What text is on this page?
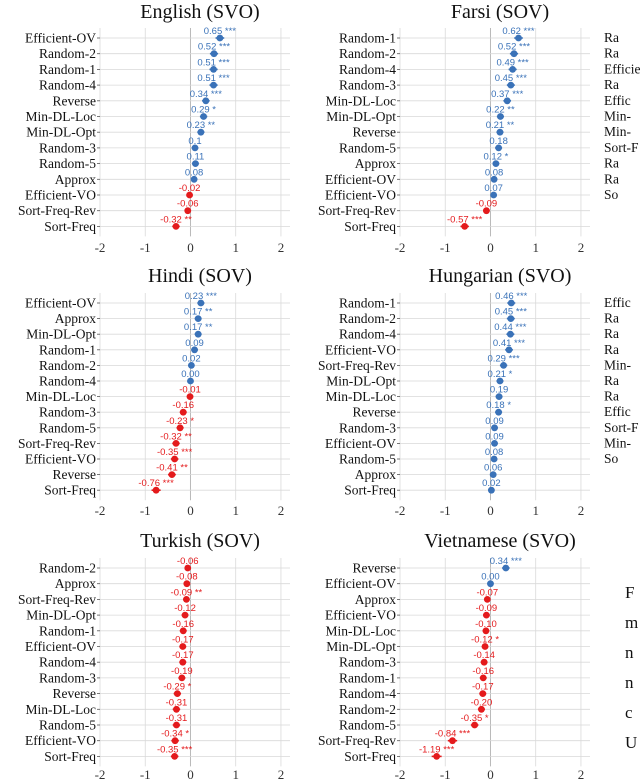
English (SVO)
-2	-1	0	1	2
Efficient-OV	0.65 ***
Random-2	0.52 ***
Random-1	0.51 ***
Random-4	0.51 ***
Reverse	0.34 ***
Min-DL-Loc	0.29 *
Min-DL-Opt	0.23 **
Random-3	0.1
Random-5	0.11
Approx	0.08
Efficient-VO	-0.02
Sort-Freq-Rev	-0.06
Sort-Freq	-0.32 **
Farsi (SOV)
-2	-1	0	1	2
Random-1	0.62 ***
Random-2	0.52 ***
Random-4	0.49 ***
Random-3	0.45 ***
Min-DL-Loc	0.37 ***
Min-DL-Opt	0.22 **
Reverse	0.21 **
Random-5	0.18
Approx	0.12 *
Efficient-OV	0.08
Efficient-VO	0.07
Sort-Freq-Rev	-0.09
Sort-Freq	-0.57 ***
Hindi (SOV)
-2	-1	0	1	2
Efficient-OV	0.23 ***
Approx	0.17 **
Min-DL-Opt	0.17 **
Random-1	0.09
Random-2	0.02
Random-4	0.00
Min-DL-Loc	-0.01
Random-3	-0.16
Random-5	-0.23 *
Sort-Freq-Rev	-0.32 **
Efficient-VO	-0.35 ***
Reverse	-0.41 **
Sort-Freq	-0.76 ***
Hungarian (SVO)
-2	-1	0	1	2
Random-1	0.46 ***
Random-2	0.45 ***
Random-4	0.44 ***
Efficient-VO	0.41 ***
Sort-Freq-Rev	0.29 ***
Min-DL-Opt	0.21 *
Min-DL-Loc	0.19
Reverse	0.18 *
Random-3	0.09
Efficient-OV	0.09
Random-5	0.08
Approx	0.06
Sort-Freq	0.02
Turkish (SOV)
-2	-1	0	1	2
Random-2	-0.06
Approx	-0.08
Sort-Freq-Rev	-0.09 **
Min-DL-Opt	-0.12
Random-1	-0.16
Efficient-OV	-0.17
Random-4	-0.17
Random-3	-0.19
Reverse	-0.29 *
Min-DL-Loc	-0.31
Random-5	-0.31
Efficient-VO	-0.34 *
Sort-Freq	-0.35 ***
Vietnamese (SVO)
-2	-1	0	1	2
Reverse	0.34 ***
Efficient-OV	0.00
Approx	-0.07
Efficient-VO	-0.09
Min-DL-Loc	-0.10
Min-DL-Opt	-0.12 *
Random-3	-0.14
Random-1	-0.16
Random-4	-0.17
Random-2	-0.20
Random-5	-0.35 *
Sort-Freq-Rev	-0.84 ***
Sort-Freq -1.19 ***
Ra
Ra
Efficie
Ra
Effic
Min-
Min-
Sort-F
Ra
Ra
So
Effic
Ra
Ra
Ra
Min-
Ra
Ra
Effic
Sort-F
Min-
So
F
m
n
n
c
U
